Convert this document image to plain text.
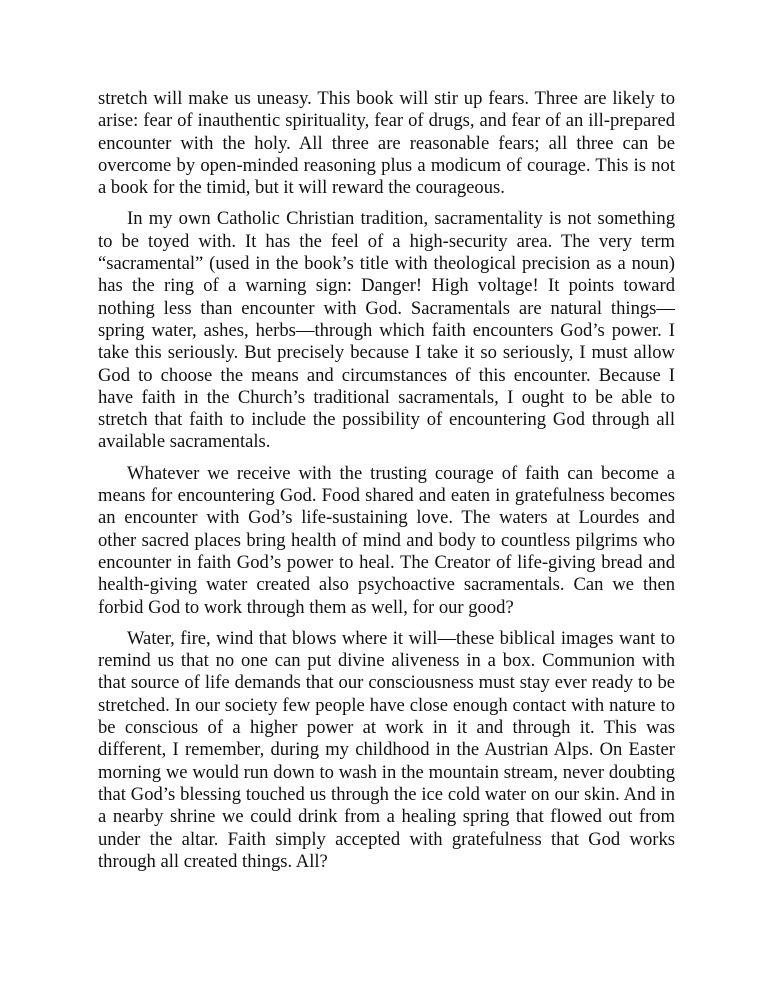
stretch will make us uneasy. This book will stir up fears. Three are likely to arise: fear of inauthentic spirituality, fear of drugs, and fear of an ill-prepared encounter with the holy. All three are reasonable fears; all three can be overcome by open-minded reasoning plus a modicum of courage. This is not a book for the timid, but it will reward the courageous.

In my own Catholic Christian tradition, sacramentality is not something to be toyed with. It has the feel of a high-security area. The very term “sacramental” (used in the book’s title with theological precision as a noun) has the ring of a warning sign: Danger! High voltage! It points toward nothing less than encounter with God. Sacramentals are natural things—spring water, ashes, herbs—through which faith encounters God’s power. I take this seriously. But precisely because I take it so seriously, I must allow God to choose the means and circumstances of this encounter. Because I have faith in the Church’s traditional sacramentals, I ought to be able to stretch that faith to include the possibility of encountering God through all available sacramentals.

Whatever we receive with the trusting courage of faith can become a means for encountering God. Food shared and eaten in gratefulness becomes an encounter with God’s life-sustaining love. The waters at Lourdes and other sacred places bring health of mind and body to countless pilgrims who encounter in faith God’s power to heal. The Creator of life-giving bread and health-giving water created also psychoactive sacramentals. Can we then forbid God to work through them as well, for our good?

Water, fire, wind that blows where it will—these biblical images want to remind us that no one can put divine aliveness in a box. Communion with that source of life demands that our consciousness must stay ever ready to be stretched. In our society few people have close enough contact with nature to be conscious of a higher power at work in it and through it. This was different, I remember, during my childhood in the Austrian Alps. On Easter morning we would run down to wash in the mountain stream, never doubting that God’s blessing touched us through the ice cold water on our skin. And in a nearby shrine we could drink from a healing spring that flowed out from under the altar. Faith simply accepted with gratefulness that God works through all created things. All?
